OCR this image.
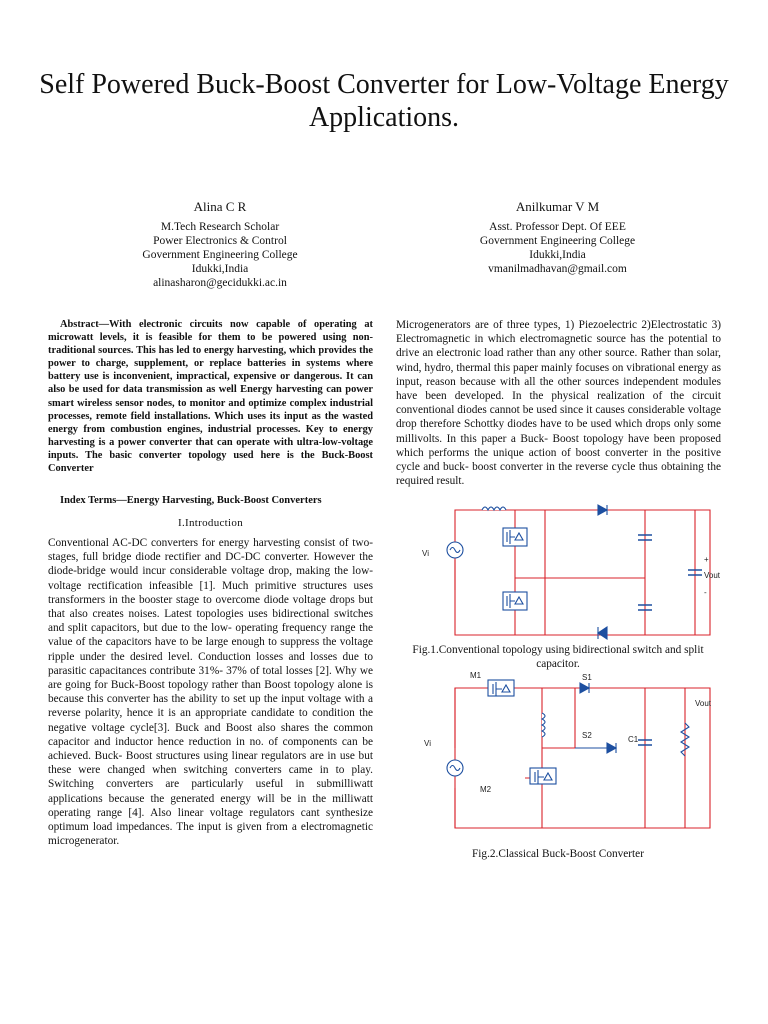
Self Powered Buck-Boost Converter for Low-Voltage Energy Applications.
Alina C R
M.Tech Research Scholar
Power Electronics & Control
Government Engineering College
Idukki,India
alinasharon@gecidukki.ac.in
Anilkumar V M
Asst. Professor Dept. Of EEE
Government Engineering College
Idukki,India
vmanilmadhavan@gmail.com
Abstract—With electronic circuits now capable of operating at microwatt levels, it is feasible for them to be powered using non-traditional sources. This has led to energy harvesting, which provides the power to charge, supplement, or replace batteries in systems where battery use is inconvenient, impractical, expensive or dangerous. It can also be used for data transmission as well Energy harvesting can power smart wireless sensor nodes, to monitor and optimize complex industrial processes, remote field installations. Which uses its input as the wasted energy from combustion engines, industrial processes. Key to energy harvesting is a power converter that can operate with ultra-low-voltage inputs. The basic converter topology used here is the Buck-Boost Converter
Index Terms—Energy Harvesting, Buck-Boost Converters
I.Introduction
Conventional AC-DC converters for energy harvesting consist of two-stages, full bridge diode rectifier and DC-DC converter. However the diode-bridge would incur considerable voltage drop, making the low-voltage rectification infeasible [1]. Much primitive structures uses transformers in the booster stage to overcome diode voltage drops but that also creates noises. Latest topologies uses bidirectional switches and split capacitors, but due to the low- operating frequency range the value of the capacitors have to be large enough to suppress the voltage ripple under the desired level. Conduction losses and losses due to parasitic capacitances contribute 31%- 37% of total losses [2]. Why we are going for Buck-Boost topology rather than Boost topology alone is because this converter has the ability to set up the input voltage with a reverse polarity, hence it is an appropriate candidate to condition the negative voltage cycle[3]. Buck and Boost also shares the common capacitor and inductor hence reduction in no. of components can be achieved. Buck- Boost structures using linear regulators are in use but these were changed when switching converters came in to play. Switching converters are particularly useful in submilliwatt applications because the generated energy will be in the milliwatt operating range [4]. Also linear voltage regulators cant synthesize optimum load impedances. The input is given from a electromagnetic microgenerator.
Microgenerators are of three types, 1) Piezoelectric 2)Electrostatic 3) Electromagnetic in which electromagnetic source has the potential to drive an electronic load rather than any other source. Rather than solar, wind, hydro, thermal this paper mainly focuses on vibrational energy as input, reason because with all the other sources independent modules have been developed. In the physical realization of the circuit conventional diodes cannot be used since it causes considerable voltage drop therefore Schottky diodes have to be used which drops only some millivolts. In this paper a Buck- Boost topology have been proposed which performs the unique action of boost converter in the positive cycle and buck- boost converter in the reverse cycle thus obtaining the required result.
Vi
+
Vout
-
Fig.1.Conventional topology using bidirectional switch and split capacitor.
M1	S1
S2	C1
Vi
Vout
M2
Fig.2.Classical Buck-Boost Converter
